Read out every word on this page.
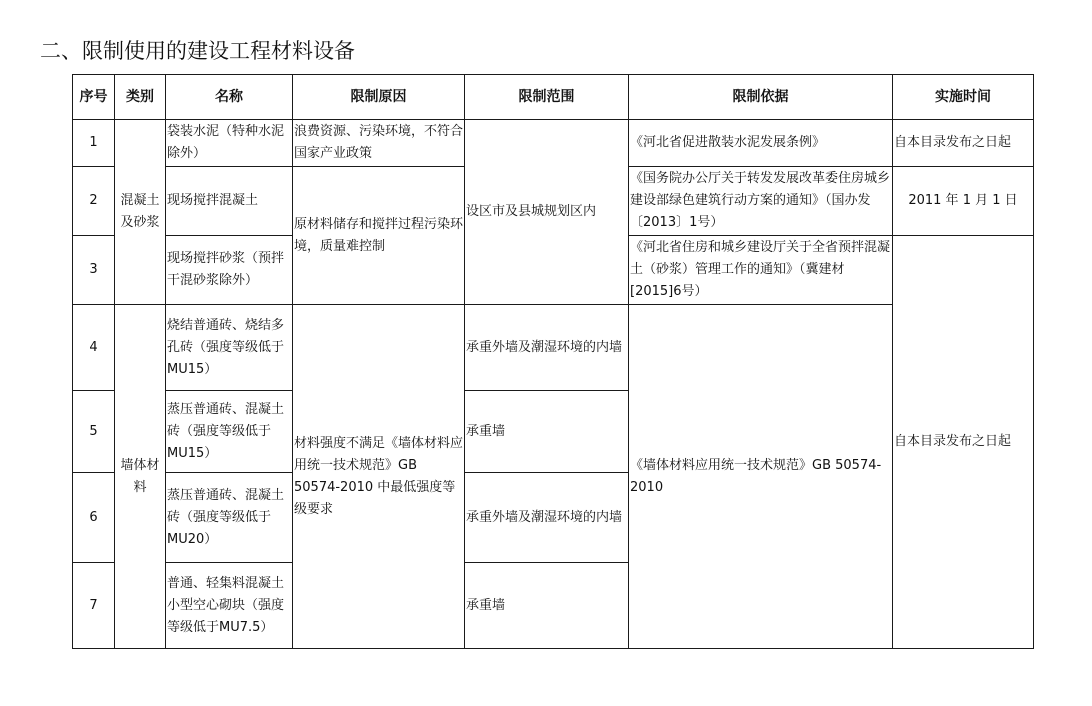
二、限制使用的建设工程材料设备
序号	类别	名称	限制原因	限制范围	限制依据	实施时间
1	混凝土及砂浆	袋装水泥（特种水泥除外）	浪费资源、污染环境，不符合国家产业政策	设区市及县城规划区内	《河北省促进散装水泥发展条例》	自本目录发布之日起
2		现场搅拌混凝土	原材料储存和搅拌过程污染环境，质量难控制		《国务院办公厅关于转发发展改革委住房城乡建设部绿色建筑行动方案的通知》（国办发〔2013〕1号）	2011 年 1 月 1 日
3		现场搅拌砂浆（预拌干混砂浆除外）			《河北省住房和城乡建设厅关于全省预拌混凝土（砂浆）管理工作的通知》（冀建材[2015]6号）	自本目录发布之日起
4	墙体材料	烧结普通砖、烧结多孔砖（强度等级低于 MU15）	材料强度不满足《墙体材料应用统一技术规范》GB 50574-2010 中最低强度等级要求	承重外墙及潮湿环境的内墙	《墙体材料应用统一技术规范》GB 50574-2010	
5		蒸压普通砖、混凝土砖（强度等级低于 MU15）		承重墙		
6		蒸压普通砖、混凝土砖（强度等级低于 MU20）		承重外墙及潮湿环境的内墙		
7		普通、轻集料混凝土小型空心砌块（强度等级低于MU7.5）		承重墙		
